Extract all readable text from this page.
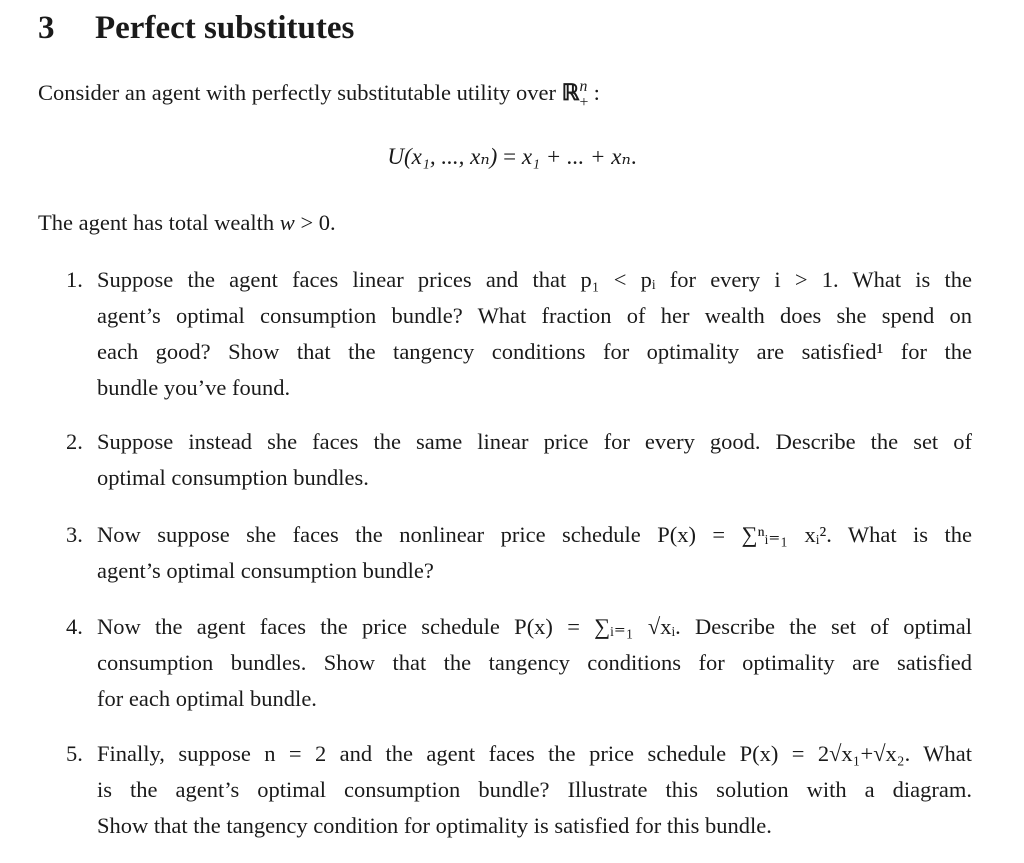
3 Perfect substitutes
Consider an agent with perfectly substitutable utility over ℝ n
+ :
U(x₁, ..., xₙ) = x₁ + ... + xₙ.
The agent has total wealth w > 0.
1. Suppose the agent faces linear prices and that p₁ < pᵢ for every i > 1. What is the
agent’s optimal consumption bundle? What fraction of her wealth does she spend on
each good? Show that the tangency conditions for optimality are satisfied¹ for the
bundle you’ve found.
2. Suppose instead she faces the same linear price for every good. Describe the set of
optimal consumption bundles.
3. Now suppose she faces the nonlinear price schedule P(x) = ∑ⁿᵢ₌₁ xᵢ². What is the
agent’s optimal consumption bundle?
4. Now the agent faces the price schedule P(x) = ∑ᵢ₌₁ √xᵢ. Describe the set of optimal
consumption bundles. Show that the tangency conditions for optimality are satisfied
for each optimal bundle.
5. Finally, suppose n = 2 and the agent faces the price schedule P(x) = 2√x₁+√x₂. What
is the agent’s optimal consumption bundle? Illustrate this solution with a diagram.
Show that the tangency condition for optimality is satisfied for this bundle.
